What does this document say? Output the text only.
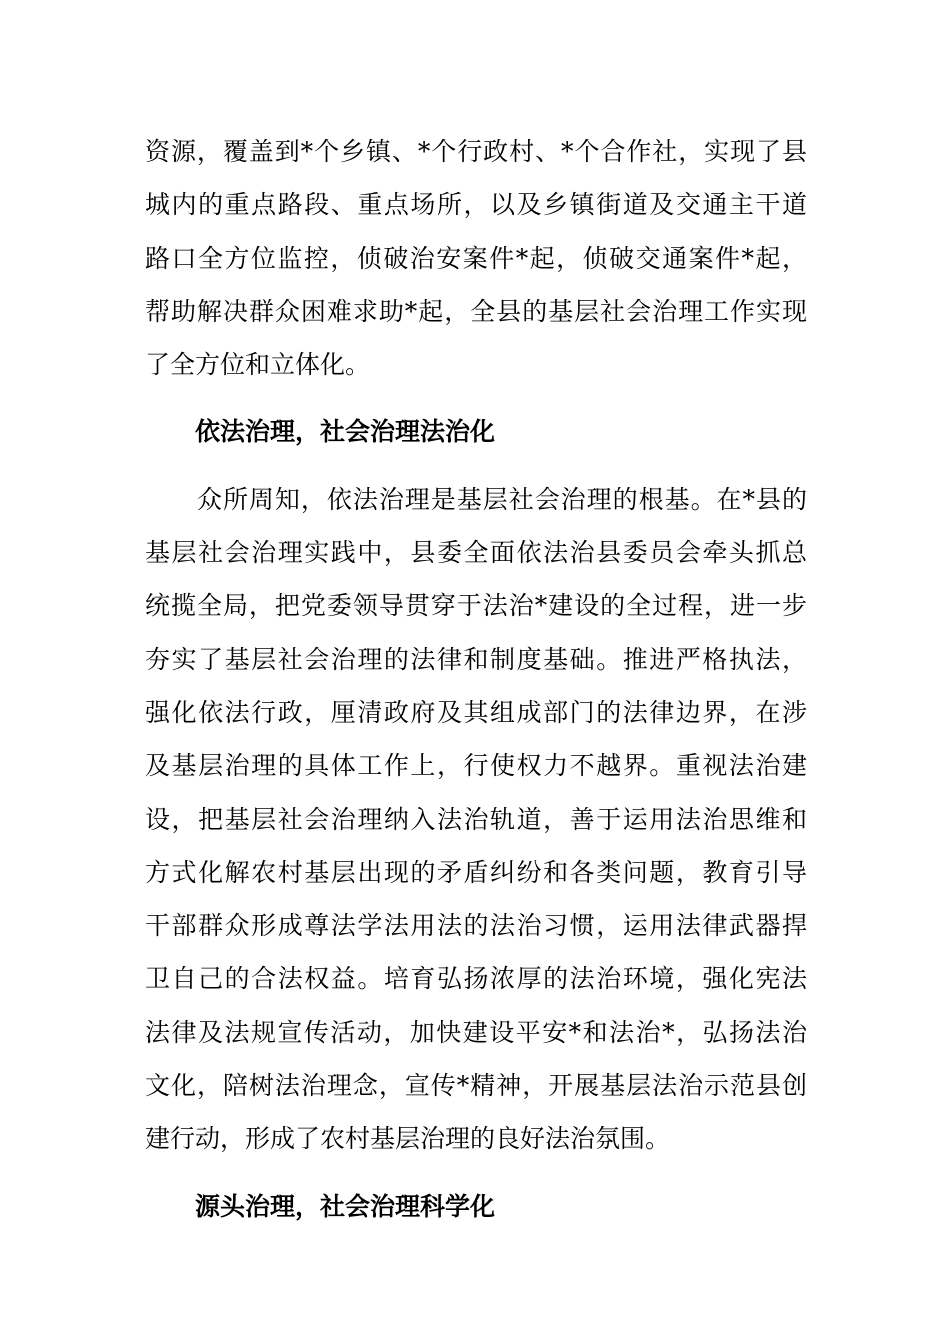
资源，覆盖到*个乡镇、*个行政村、*个合作社，实现了县
城内的重点路段、重点场所，以及乡镇街道及交通主干道
路口全方位监控，侦破治安案件*起，侦破交通案件*起，
帮助解决群众困难求助*起，全县的基层社会治理工作实现
了全方位和立体化。
依法治理，社会治理法治化
　　众所周知，依法治理是基层社会治理的根基。在*县的
基层社会治理实践中，县委全面依法治县委员会牵头抓总
统揽全局，把党委领导贯穿于法治*建设的全过程，进一步
夯实了基层社会治理的法律和制度基础。推进严格执法，
强化依法行政，厘清政府及其组成部门的法律边界，在涉
及基层治理的具体工作上，行使权力不越界。重视法治建
设，把基层社会治理纳入法治轨道，善于运用法治思维和
方式化解农村基层出现的矛盾纠纷和各类问题，教育引导
干部群众形成尊法学法用法的法治习惯，运用法律武器捍
卫自己的合法权益。培育弘扬浓厚的法治环境，强化宪法
法律及法规宣传活动，加快建设平安*和法治*，弘扬法治
文化，陪树法治理念，宣传*精神，开展基层法治示范县创
建行动，形成了农村基层治理的良好法治氛围。
源头治理，社会治理科学化
